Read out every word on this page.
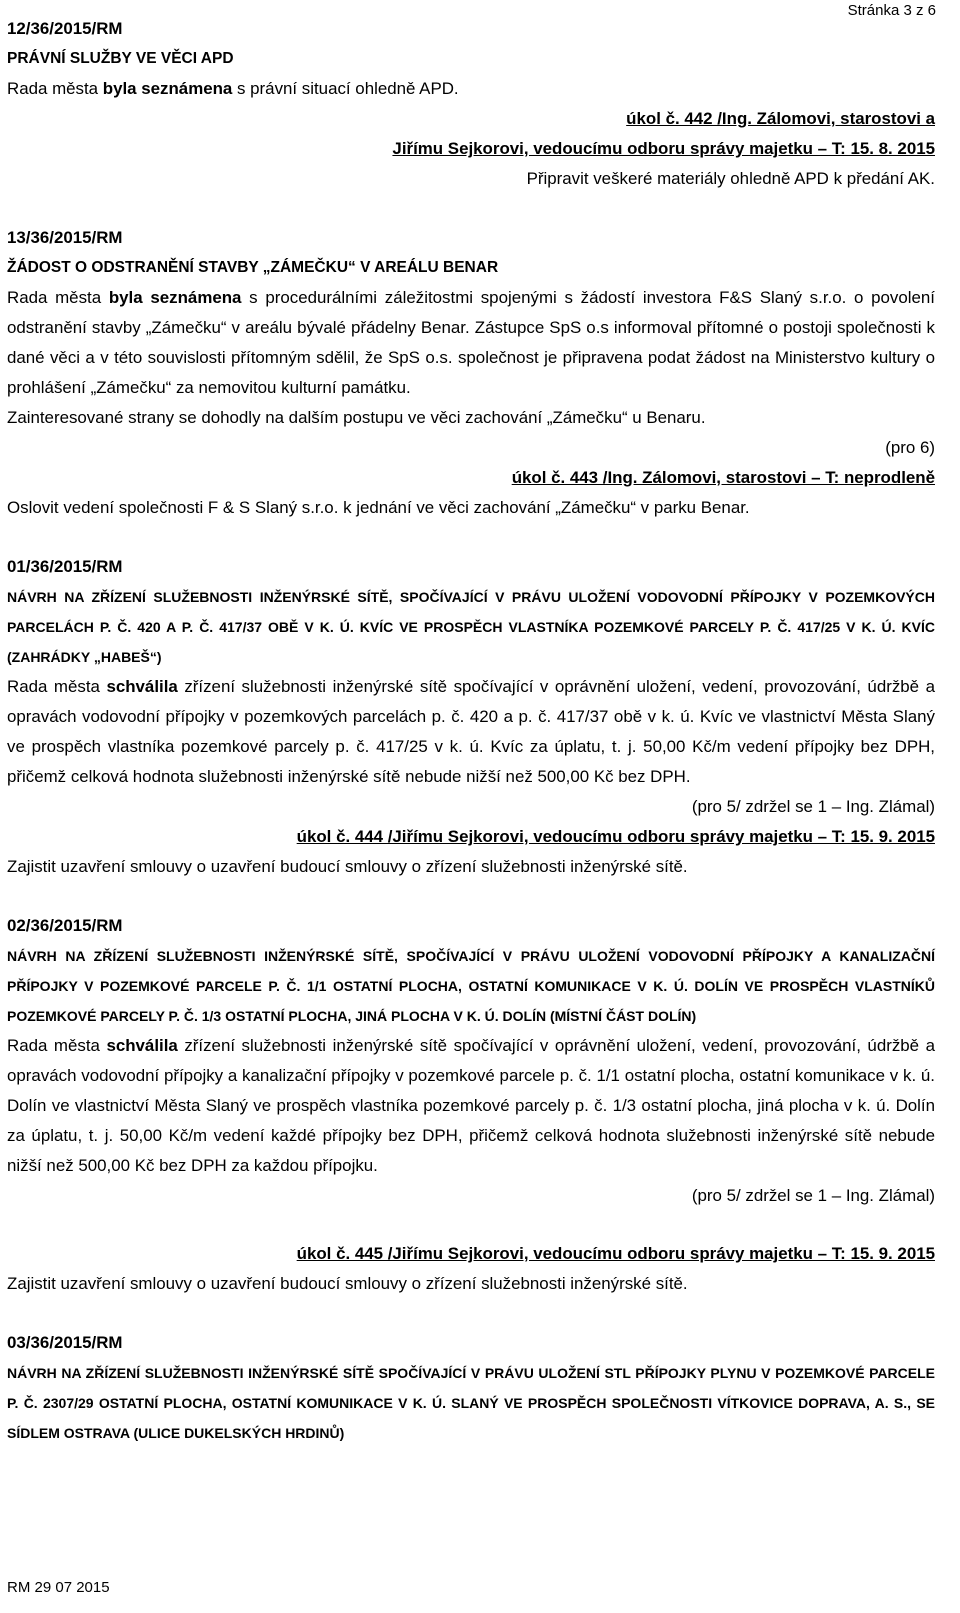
Stránka 3 z 6

12/36/2015/RM

PRÁVNÍ SLUŽBY VE VĚCI APD

Rada města byla seznámena s právní situací ohledně APD.

úkol č. 442 /Ing. Zálomovi, starostovi a

Jiřímu Sejkorovi, vedoucímu odboru správy majetku – T: 15. 8. 2015

Připravit veškeré materiály ohledně APD k předání AK.

13/36/2015/RM

ŽÁDOST O ODSTRANĚNÍ STAVBY „ZÁMEČKU“ V AREÁLU BENAR

Rada města byla seznámena s procedurálními záležitostmi spojenými s žádostí investora F&S Slaný s.r.o. o povolení odstranění stavby „Zámečku“ v areálu bývalé přádelny Benar. Zástupce SpS o.s informoval přítomné o postoji společnosti k dané věci a v této souvislosti přítomným sdělil, že SpS o.s. společnost je připravena podat žádost na Ministerstvo kultury o prohlášení „Zámečku“ za nemovitou kulturní památku.

Zainteresované strany se dohodly na dalším postupu ve věci zachování „Zámečku“ u Benaru.

(pro 6)

úkol č. 443 /Ing. Zálomovi, starostovi – T: neprodleně

Oslovit vedení společnosti F & S Slaný s.r.o. k jednání ve věci zachování „Zámečku“ v parku Benar.

01/36/2015/RM

NÁVRH NA ZŘÍZENÍ SLUŽEBNOSTI INŽENÝRSKÉ SÍTĚ, SPOČÍVAJÍCÍ V PRÁVU ULOŽENÍ VODOVODNÍ PŘÍPOJKY V POZEMKOVÝCH PARCELÁCH P. Č. 420 A P. Č. 417/37 OBĚ V K. Ú. KVÍC VE PROSPĚCH VLASTNÍKA POZEMKOVÉ PARCELY P. Č. 417/25 V K. Ú. KVÍC (ZAHRÁDKY „HABEŠ“)

Rada města schválila zřízení služebnosti inženýrské sítě spočívající v oprávnění uložení, vedení, provozování, údržbě a opravách vodovodní přípojky v pozemkových parcelách p. č. 420 a p. č. 417/37 obě v k. ú. Kvíc ve vlastnictví Města Slaný ve prospěch vlastníka pozemkové parcely p. č. 417/25 v k. ú. Kvíc za úplatu, t. j. 50,00 Kč/m vedení přípojky bez DPH, přičemž celková hodnota služebnosti inženýrské sítě nebude nižší než 500,00 Kč bez DPH.

(pro 5/ zdržel se 1 – Ing. Zlámal)

úkol č. 444 /Jiřímu Sejkorovi, vedoucímu odboru správy majetku – T: 15. 9. 2015

Zajistit uzavření smlouvy o uzavření budoucí smlouvy o zřízení služebnosti inženýrské sítě.

02/36/2015/RM

NÁVRH NA ZŘÍZENÍ SLUŽEBNOSTI INŽENÝRSKÉ SÍTĚ, SPOČÍVAJÍCÍ V PRÁVU ULOŽENÍ VODOVODNÍ PŘÍPOJKY A KANALIZAČNÍ PŘÍPOJKY V POZEMKOVÉ PARCELE P. Č. 1/1 OSTATNÍ PLOCHA, OSTATNÍ KOMUNIKACE V K. Ú. DOLÍN VE PROSPĚCH VLASTNÍKŮ POZEMKOVÉ PARCELY P. Č. 1/3 OSTATNÍ PLOCHA, JINÁ PLOCHA V K. Ú. DOLÍN (MÍSTNÍ ČÁST DOLÍN)

Rada města schválila zřízení služebnosti inženýrské sítě spočívající v oprávnění uložení, vedení, provozování, údržbě a opravách vodovodní přípojky a kanalizační přípojky v pozemkové parcele p. č. 1/1 ostatní plocha, ostatní komunikace v k. ú. Dolín ve vlastnictví Města Slaný ve prospěch vlastníka pozemkové parcely p. č. 1/3 ostatní plocha, jiná plocha v k. ú. Dolín za úplatu, t. j. 50,00 Kč/m vedení každé přípojky bez DPH, přičemž celková hodnota služebnosti inženýrské sítě nebude nižší než 500,00 Kč bez DPH za každou přípojku.

(pro 5/ zdržel se 1 – Ing. Zlámal)

úkol č. 445 /Jiřímu Sejkorovi, vedoucímu odboru správy majetku – T: 15. 9. 2015

Zajistit uzavření smlouvy o uzavření budoucí smlouvy o zřízení služebnosti inženýrské sítě.

03/36/2015/RM

NÁVRH NA ZŘÍZENÍ SLUŽEBNOSTI INŽENÝRSKÉ SÍTĚ SPOČÍVAJÍCÍ V PRÁVU ULOŽENÍ STL PŘÍPOJKY PLYNU V POZEMKOVÉ PARCELE P. Č. 2307/29 OSTATNÍ PLOCHA, OSTATNÍ KOMUNIKACE V K. Ú. SLANÝ VE PROSPĚCH SPOLEČNOSTI VÍTKOVICE DOPRAVA, A. S., SE SÍDLEM OSTRAVA (ULICE DUKELSKÝCH HRDINŮ)

RM 29 07 2015
